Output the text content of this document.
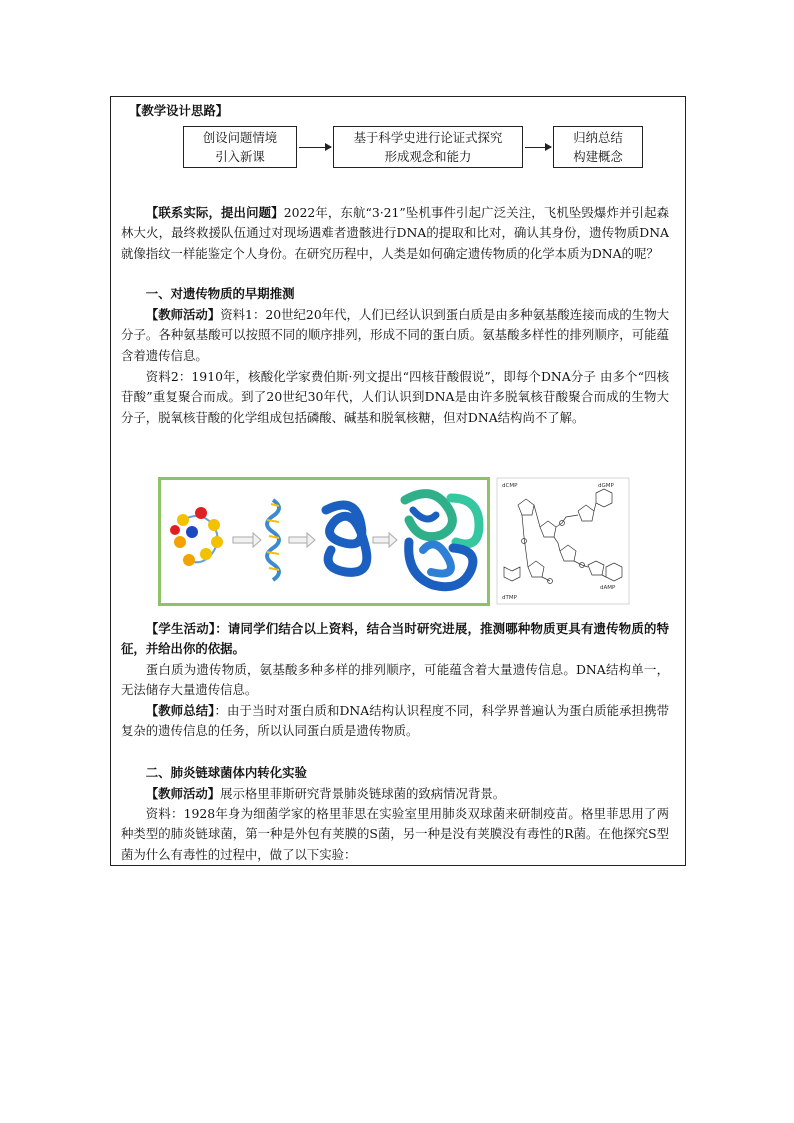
【教学设计思路】
创设问题情境
引入新课
基于科学史进行论证式探究
形成观念和能力
归纳总结
构建概念
【联系实际，提出问题】2022年，东航“3·21”坠机事件引起广泛关注，飞机坠毁爆炸并引起森林大火，最终救援队伍通过对现场遇难者遗骸进行DNA的提取和比对，确认其身份，遗传物质DNA就像指纹一样能鉴定个人身份。在研究历程中，人类是如何确定遗传物质的化学本质为DNA的呢？
一、对遗传物质的早期推测
【教师活动】资料1：20世纪20年代，人们已经认识到蛋白质是由多种氨基酸连接而成的生物大分子。各种氨基酸可以按照不同的顺序排列，形成不同的蛋白质。氨基酸多样性的排列顺序，可能蕴含着遗传信息。
资料2：1910年，核酸化学家费伯斯·列文提出“四核苷酸假说”，即每个DNA分子 由多个“四核苷酸”重复聚合而成。到了20世纪30年代，人们认识到DNA是由许多脱氧核苷酸聚合而成的生物大分子，脱氧核苷酸的化学组成包括磷酸、碱基和脱氧核糖，但对DNA结构尚不了解。
dCMP	dGMP
dTMP
dAMP
【学生活动】：请同学们结合以上资料，结合当时研究进展，推测哪种物质更具有遗传物质的特征，并给出你的依据。
蛋白质为遗传物质，氨基酸多种多样的排列顺序，可能蕴含着大量遗传信息。DNA结构单一，无法储存大量遗传信息。
【教师总结】：由于当时对蛋白质和DNA结构认识程度不同，科学界普遍认为蛋白质能承担携带复杂的遗传信息的任务，所以认同蛋白质是遗传物质。
二、肺炎链球菌体内转化实验
【教师活动】展示格里菲斯研究背景肺炎链球菌的致病情况背景。
资料：1928年身为细菌学家的格里菲思在实验室里用肺炎双球菌来研制疫苗。格里菲思用了两种类型的肺炎链球菌，第一种是外包有荚膜的S菌，另一种是没有荚膜没有毒性的R菌。在他探究S型菌为什么有毒性的过程中，做了以下实验：
